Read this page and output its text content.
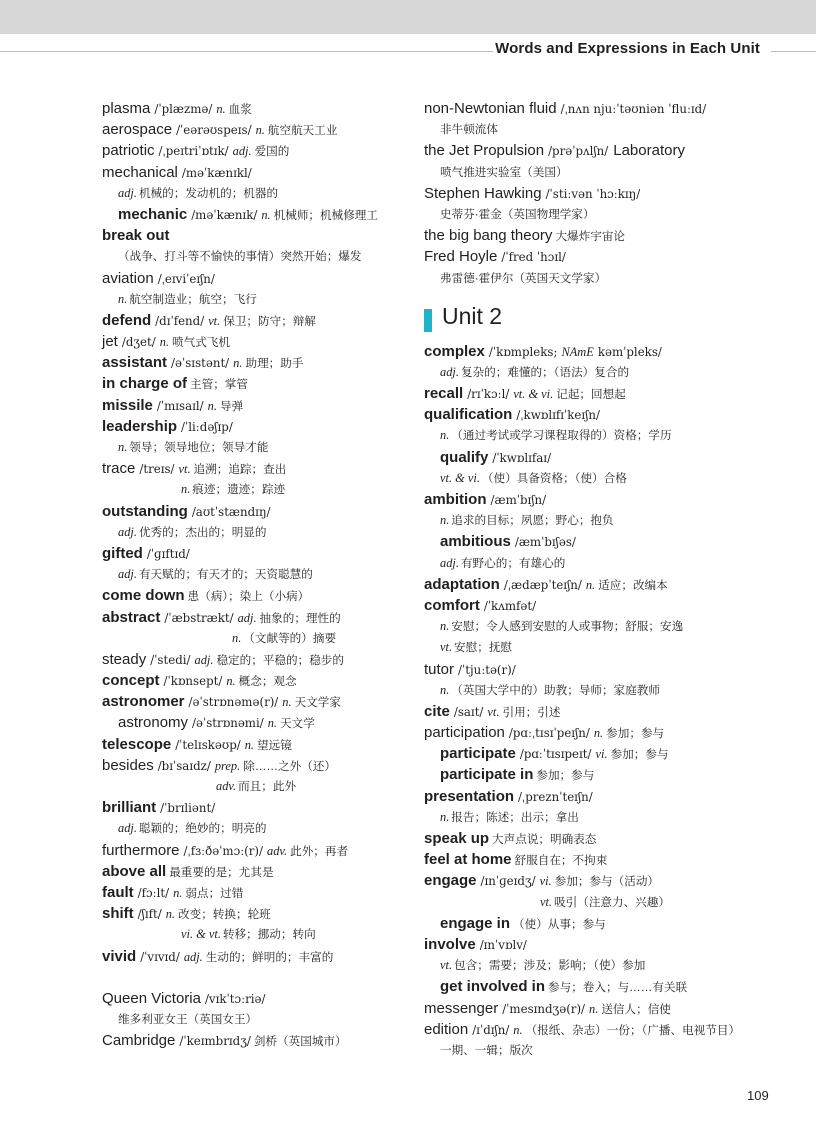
Words and Expressions in Each Unit
plasma /ˈplæzmə/ n. 血浆
aerospace /ˈeərəʊspeɪs/ n. 航空航天工业
patriotic /ˌpeɪtriˈɒtɪk/ adj. 爱国的
mechanical /məˈkænɪkl/
adj. 机械的；发动机的；机器的
mechanic /məˈkænɪk/ n. 机械师；机械修理工
break out
（战争、打斗等不愉快的事情）突然开始；爆发
aviation /ˌeɪviˈeɪʃn/
n. 航空制造业；航空；飞行
defend /dɪˈfend/ vt. 保卫；防守；辩解
jet /dʒet/ n. 喷气式飞机
assistant /əˈsɪstənt/ n. 助理；助手
in charge of 主管；掌管
missile /ˈmɪsaɪl/ n. 导弹
leadership /ˈliːdəʃɪp/
n. 领导；领导地位；领导才能
trace /treɪs/ vt. 追溯；追踪；查出
n. 痕迹；遗迹；踪迹
outstanding /aʊtˈstændɪŋ/
adj. 优秀的；杰出的；明显的
gifted /ˈɡɪftɪd/
adj. 有天赋的；有天才的；天资聪慧的
come down 患（病）；染上（小病）
abstract /ˈæbstrækt/ adj. 抽象的；理性的
n. （文献等的）摘要
steady /ˈstedi/ adj. 稳定的；平稳的；稳步的
concept /ˈkɒnsept/ n. 概念；观念
astronomer /əˈstrɒnəmə(r)/ n. 天文学家
astronomy /əˈstrɒnəmi/ n. 天文学
telescope /ˈtelɪskəʊp/ n. 望远镜
besides /bɪˈsaɪdz/ prep. 除……之外（还）
adv. 而且；此外
brilliant /ˈbrɪliənt/
adj. 聪颖的；绝妙的；明亮的
furthermore /ˌfɜːðəˈmɔː(r)/ adv. 此外；再者
above all 最重要的是；尤其是
fault /fɔːlt/ n. 弱点；过错
shift /ʃɪft/ n. 改变；转换；轮班
vi. & vt. 转移；挪动；转向
vivid /ˈvɪvɪd/ adj. 生动的；鲜明的；丰富的
Queen Victoria /vɪkˈtɔːriə/
维多利亚女王（英国女王）
Cambridge /ˈkeɪmbrɪdʒ/ 剑桥（英国城市）
non-Newtonian fluid /ˌnʌn njuːˈtəʊniən ˈfluːɪd/
非牛顿流体
the Jet Propulsion /prəˈpʌlʃn/ Laboratory
喷气推进实验室（美国）
Stephen Hawking /ˈstiːvən ˈhɔːkɪŋ/
史蒂芬·霍金（英国物理学家）
the big bang theory 大爆炸宇宙论
Fred Hoyle /ˈfred ˈhɔɪl/
弗雷德·霍伊尔（英国天文学家）
Unit 2
complex /ˈkɒmpleks; NAmE kəmˈpleks/
adj. 复杂的；难懂的；（语法）复合的
recall /rɪˈkɔːl/ vt. & vi. 记起；回想起
qualification /ˌkwɒlɪfɪˈkeɪʃn/
n. （通过考试或学习课程取得的）资格；学历
qualify /ˈkwɒlɪfaɪ/
vt. & vi. （使）具备资格；（使）合格
ambition /æmˈbɪʃn/
n. 追求的目标；夙愿；野心；抱负
ambitious /æmˈbɪʃəs/
adj. 有野心的；有雄心的
adaptation /ˌædæpˈteɪʃn/ n. 适应；改编本
comfort /ˈkʌmfət/
n. 安慰；令人感到安慰的人或事物；舒服；安逸
vt. 安慰；抚慰
tutor /ˈtjuːtə(r)/
n. （英国大学中的）助教；导师；家庭教师
cite /saɪt/ vt. 引用；引述
participation /pɑːˌtɪsɪˈpeɪʃn/ n. 参加；参与
participate /pɑːˈtɪsɪpeɪt/ vi. 参加；参与
participate in 参加；参与
presentation /ˌpreznˈteɪʃn/
n. 报告；陈述；出示；拿出
speak up 大声点说；明确表态
feel at home 舒服自在；不拘束
engage /ɪnˈɡeɪdʒ/ vi. 参加；参与（活动）
vt. 吸引（注意力、兴趣）
engage in （使）从事；参与
involve /ɪnˈvɒlv/
vt. 包含；需要；涉及；影响；（使）参加
get involved in 参与；卷入；与……有关联
messenger /ˈmesɪndʒə(r)/ n. 送信人；信使
edition /ɪˈdɪʃn/ n. （报纸、杂志）一份；（广播、电视节目）
一期、一辑；版次
109
